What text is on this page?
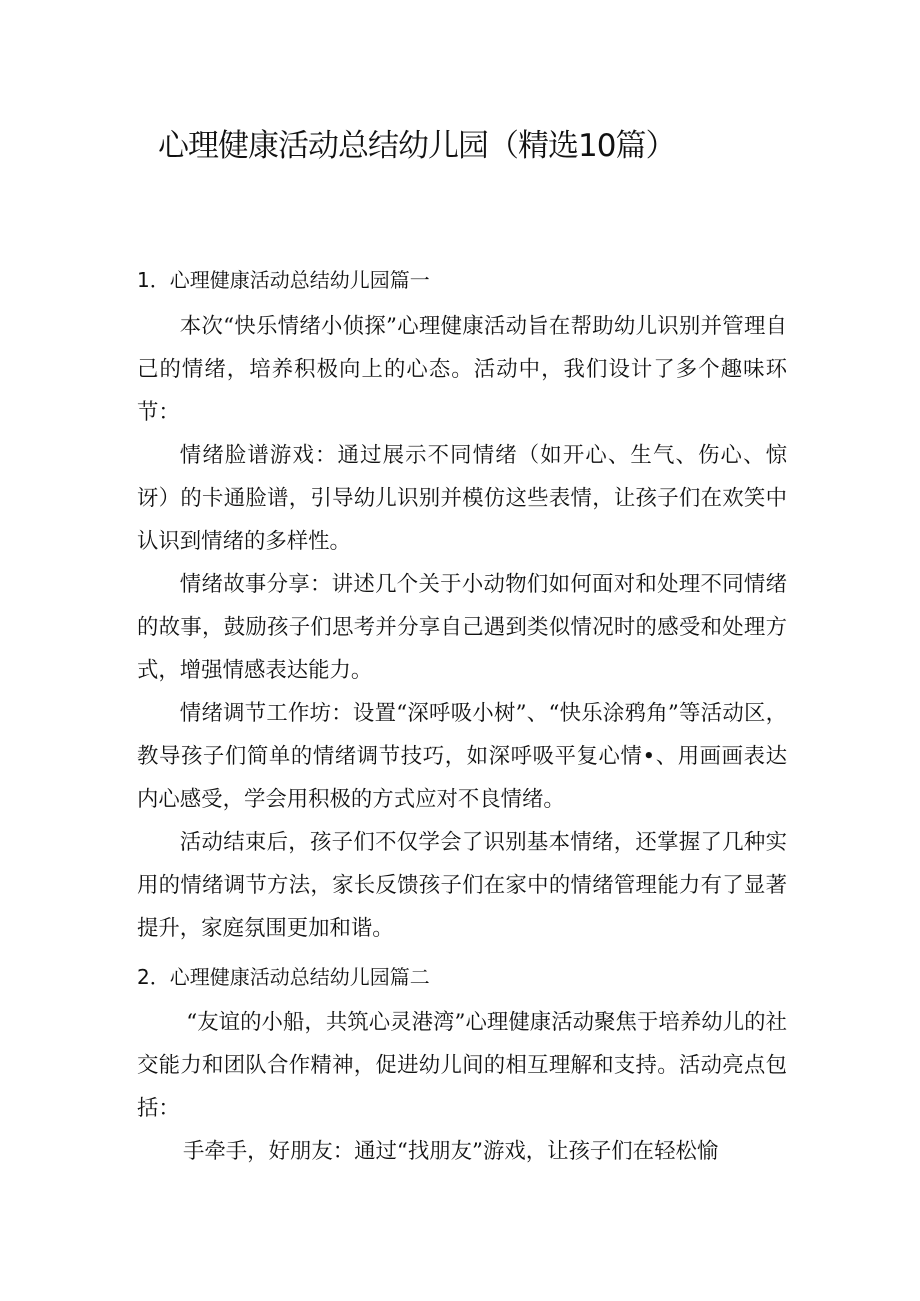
心理健康活动总结幼儿园（精选10篇）
1．心理健康活动总结幼儿园篇一

本次“快乐情绪小侦探”心理健康活动旨在帮助幼儿识别并管理自己的情绪，培养积极向上的心态。活动中，我们设计了多个趣味环节：

情绪脸谱游戏：通过展示不同情绪（如开心、生气、伤心、惊讶）的卡通脸谱，引导幼儿识别并模仿这些表情，让孩子们在欢笑中认识到情绪的多样性。

情绪故事分享：讲述几个关于小动物们如何面对和处理不同情绪的故事，鼓励孩子们思考并分享自己遇到类似情况时的感受和处理方式，增强情感表达能力。

情绪调节工作坊：设置“深呼吸小树”、“快乐涂鸦角”等活动区，教导孩子们简单的情绪调节技巧，如深呼吸平复心情•、用画画表达内心感受，学会用积极的方式应对不良情绪。

活动结束后，孩子们不仅学会了识别基本情绪，还掌握了几种实用的情绪调节方法，家长反馈孩子们在家中的情绪管理能力有了显著提升，家庭氛围更加和谐。

2．心理健康活动总结幼儿园篇二

“友谊的小船，共筑心灵港湾”心理健康活动聚焦于培养幼儿的社交能力和团队合作精神，促进幼儿间的相互理解和支持。活动亮点包括：

手牵手，好朋友：通过“找朋友”游戏，让孩子们在轻松愉
